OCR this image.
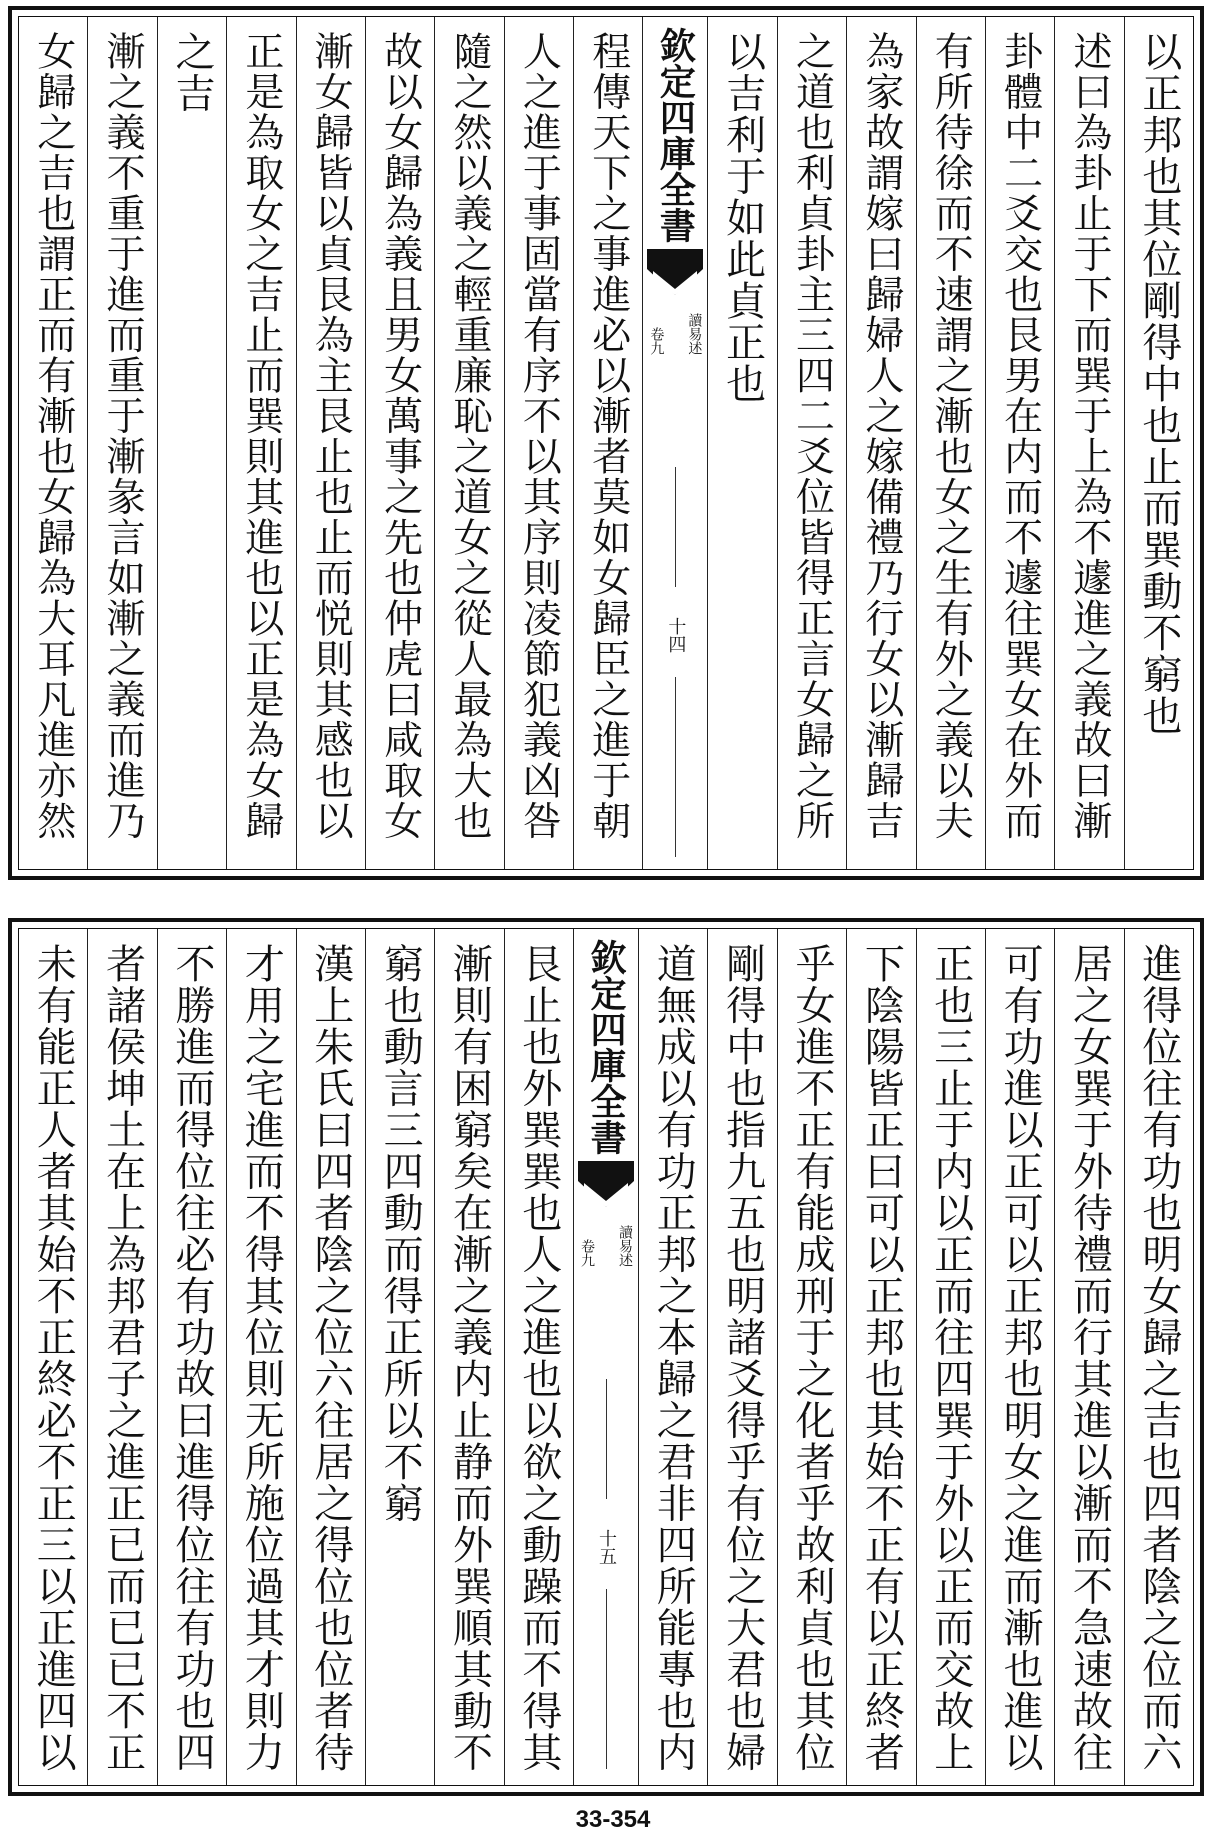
以正邦也其位剛得中也止而巽動不窮也
述曰為卦止于下而巽于上為不遽進之義故曰漸
卦體中二爻交也艮男在内而不遽往巽女在外而
有所待徐而不速謂之漸也女之生有外之義以夫
為家故謂嫁曰歸婦人之嫁備禮乃行女以漸歸吉
之道也利貞卦主三四二爻位皆得正言女歸之所
以吉利于如此貞正也
欽定四庫全書
讀易述
卷九
十四
程傳天下之事進必以漸者莫如女歸臣之進于朝
人之進于事固當有序不以其序則凌節犯義凶咎
隨之然以義之輕重廉恥之道女之從人最為大也
故以女歸為義且男女萬事之先也仲虎曰咸取女
漸女歸皆以貞艮為主艮止也止而悦則其感也以
正是為取女之吉止而巽則其進也以正是為女歸
之吉
漸之義不重于進而重于漸彖言如漸之義而進乃
女歸之吉也謂正而有漸也女歸為大耳凡進亦然
進得位往有功也明女歸之吉也四者陰之位而六
居之女巽于外待禮而行其進以漸而不急速故往
可有功進以正可以正邦也明女之進而漸也進以
正也三止于内以正而往四巽于外以正而交故上
下陰陽皆正曰可以正邦也其始不正有以正終者
乎女進不正有能成刑于之化者乎故利貞也其位
剛得中也指九五也明諸爻得乎有位之大君也婦
道無成以有功正邦之本歸之君非四所能專也内
欽定四庫全書
讀易述
卷九
十五
艮止也外巽巽也人之進也以欲之動躁而不得其
漸則有困窮矣在漸之義内止静而外巽順其動不
窮也動言三四動而得正所以不窮
漢上朱氏曰四者陰之位六往居之得位也位者待
才用之宅進而不得其位則无所施位過其才則力
不勝進而得位往必有功故曰進得位往有功也四
者諸侯坤土在上為邦君子之進正已而已已不正
未有能正人者其始不正終必不正三以正進四以
33-354
